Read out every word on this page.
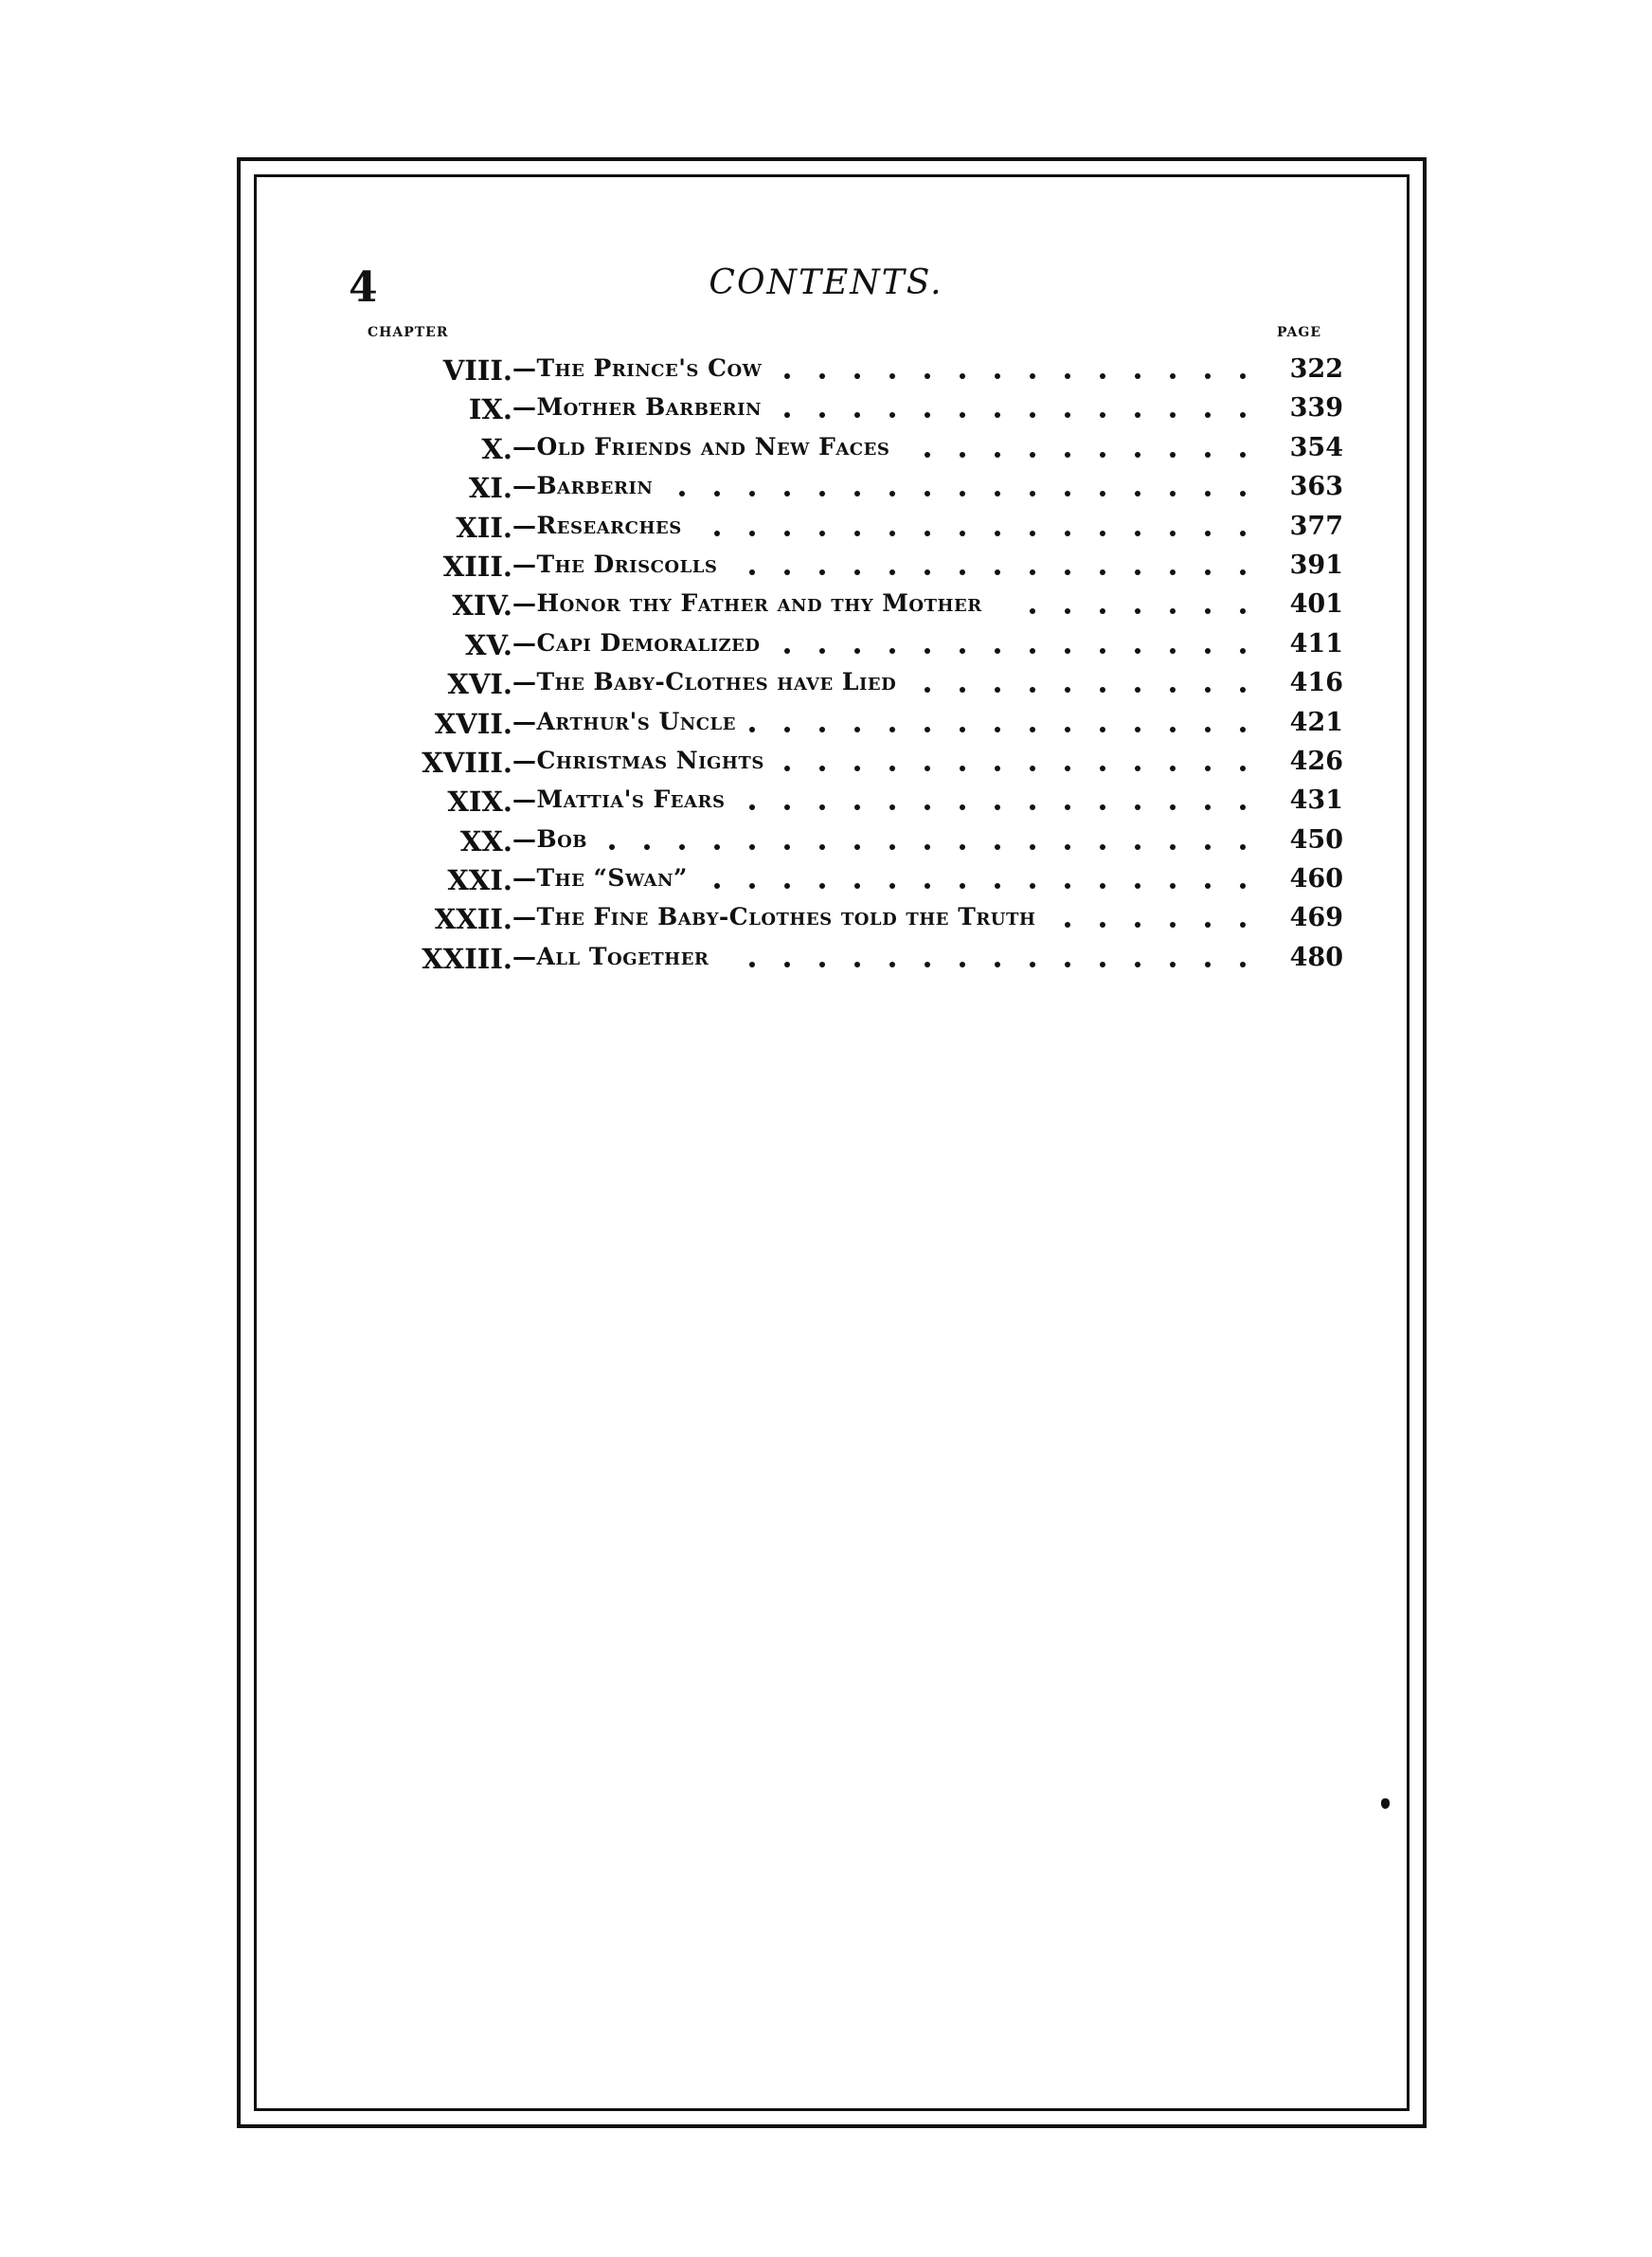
4	CONTENTS.
CHAPTER	PAGE
VIII. —The Prince's Cow	322
IX. —Mother Barberin	339
X. —Old Friends and New Faces	354
XI. —Barberin	363
XII. —Researches	377
XIII. —The Driscolls	391
XIV. —Honor thy Father and thy Mother	401
XV. —Capi Demoralized	411
XVI. —The Baby-Clothes have Lied	416
XVII. —Arthur's Uncle	421
XVIII. —Christmas Nights	426
XIX. —Mattia's Fears	431
XX. —Bob	450
XXI. —The “Swan”	460
XXII. —The Fine Baby-Clothes told the Truth	469
XXIII. —All Together	480
